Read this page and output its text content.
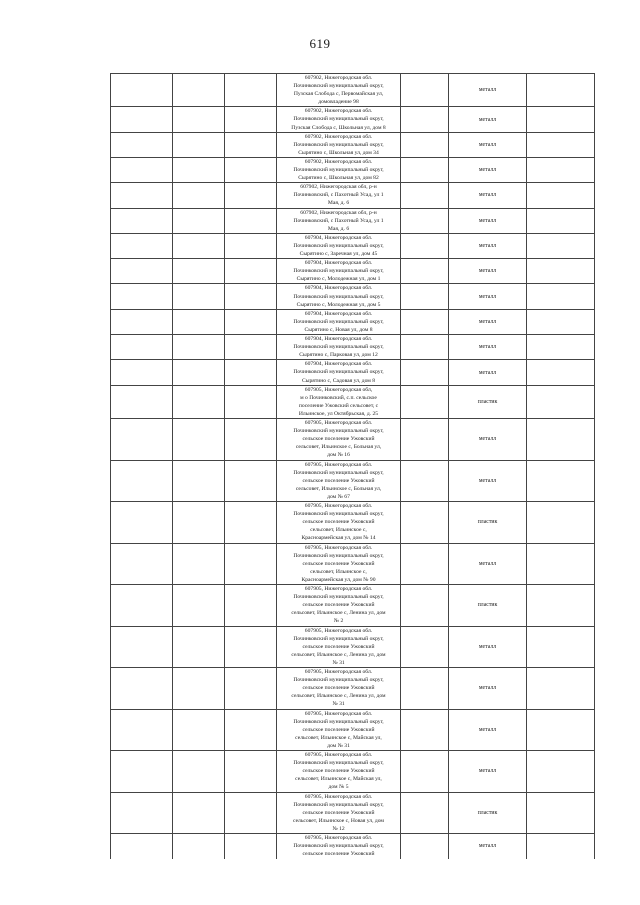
619

			607902, Нижегородская обл.
Починковский муниципальный округ,
Пузская Слобода с, Первомайская ул,
домовладение 98		металл	

			607902, Нижегородская обл.
Починковский муниципальный округ,
Пузская Слобода с, Школьная ул, дом 8		металл	

			607902, Нижегородская обл.
Починковский муниципальный округ,
Сырятино с, Школьная ул, дом 34		металл	

			607902, Нижегородская обл.
Починковский муниципальный округ,
Сырятино с, Школьная ул, дом 82		металл	

			607902, Нижегородская обл, р-н
Починковский, с Пахотный Усад, ул 1
Мая, д. 6		металл	

			607902, Нижегородская обл, р-н
Починковский, с Пахотный Усад, ул 1
Мая, д. 6		металл	

			607904, Нижегородская обл.
Починковский муниципальный округ,
Сырятино с, Заречная ул, дом 45		металл	

			607904, Нижегородская обл.
Починковский муниципальный округ,
Сырятино с, Молодежная ул, дом 1		металл	

			607904, Нижегородская обл.
Починковский муниципальный округ,
Сырятино с, Молодежная ул, дом 5		металл	

			607904, Нижегородская обл.
Починковский муниципальный округ,
Сырятино с, Новая ул, дом 8		металл	

			607904, Нижегородская обл.
Починковский муниципальный округ,
Сырятино с, Парковая ул, дом 12		металл	

			607904, Нижегородская обл.
Починковский муниципальный округ,
Сырятино с, Садовая ул, дом 8		металл	

			607905, Нижегородская обл,
м о Починковский, с.п. сельское
поселение Ужовский сельсовет, с
Ильинское, ул Октябрьская, д. 25		пластик	

			607905, Нижегородская обл.
Починковский муниципальный округ,
сельское поселение Ужовский
сельсовет, Ильинское с, Больная ул,
дом № 16		металл	

			607905, Нижегородская обл.
Починковский муниципальный округ,
сельское поселение Ужовский
сельсовет, Ильинское с, Больная ул,
дом № 67		металл	

			607905, Нижегородская обл.
Починковский муниципальный округ,
сельское поселение Ужовский
сельсовет, Ильинское с,
Красноармейская ул, дом № 14		пластик	

			607905, Нижегородская обл.
Починковский муниципальный округ,
сельское поселение Ужовский
сельсовет, Ильинское с,
Красноармейская ул, дом № 90		металл	

			607905, Нижегородская обл.
Починковский муниципальный округ,
сельское поселение Ужовский
сельсовет, Ильинское с, Ленина ул, дом
№ 2		пластик	

			607905, Нижегородская обл.
Починковский муниципальный округ,
сельское поселение Ужовский
сельсовет, Ильинское с, Ленина ул, дом
№ 31		металл	

			607905, Нижегородская обл.
Починковский муниципальный округ,
сельское поселение Ужовский
сельсовет, Ильинское с, Ленина ул, дом
№ 31		металл	

			607905, Нижегородская обл.
Починковский муниципальный округ,
сельское поселение Ужовский
сельсовет, Ильинское с, Майская ул,
дом № 31		металл	

			607905, Нижегородская обл.
Починковский муниципальный округ,
сельское поселение Ужовский
сельсовет, Ильинское с, Майская ул,
дом № 5		металл	

			607905, Нижегородская обл.
Починковский муниципальный округ,
сельское поселение Ужовский
сельсовет, Ильинское с, Новая ул, дом
№ 12		пластик	

			607905, Нижегородская обл.
Починковский муниципальный округ,
сельское поселение Ужовский		металл	
